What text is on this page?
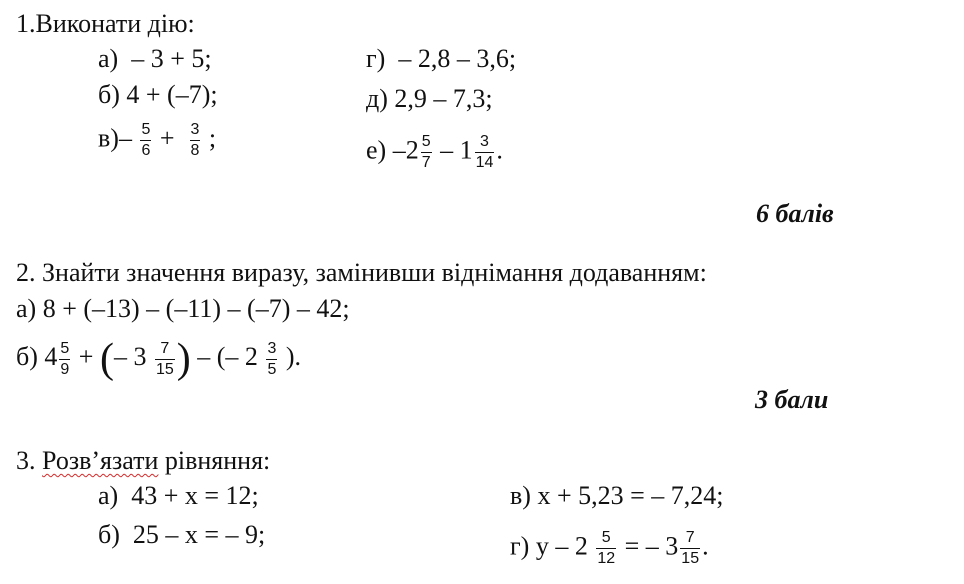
1.Виконати дію:
а) – 3 + 5;
б) 4 + (–7);
$в)- \frac{5}{6} + \frac{3}{8}$ ;
г) – 2,8 – 3,6;
д) 2,9 – 7,3;
е) $-2 \frac{5}{7} - 1 \frac{3}{14}$ .
6 балів
2. Знайти значення виразу, замінивши віднімання додаванням:
а) 8 + (–13) – (–11) – (–7) – 42;
б) $4 \frac{5}{9}$ + (– $3 \frac{7}{15}$ ) – (– $2 \frac{3}{5}$ ).
3 бали
3. Розв’язати рівняння:
а) 43 + x = 12;
б) 25 – x = – 9;
в) x + 5,23 = – 7,24;
г) у – $2 \frac{5}{12}$ = – $3 \frac{7}{15}$ .
